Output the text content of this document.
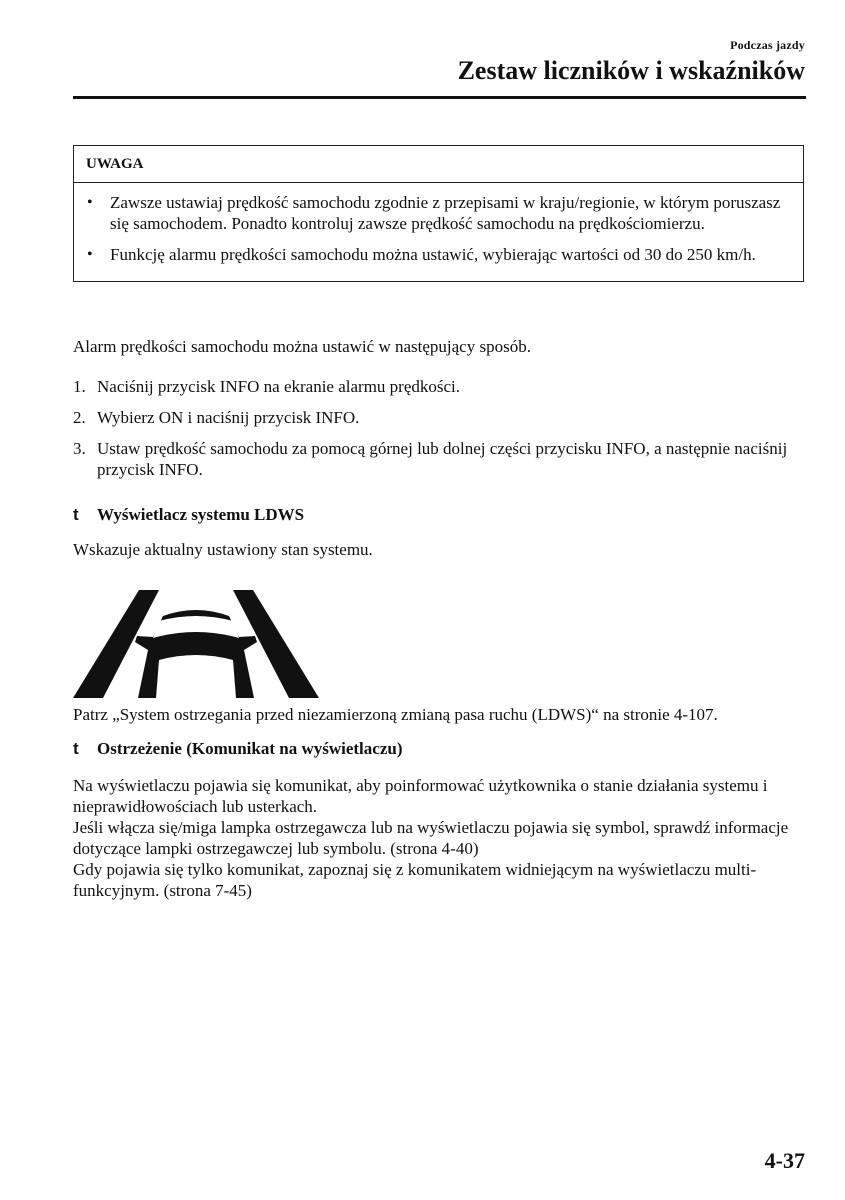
Podczas jazdy
Zestaw liczników i wskaźników
UWAGA
• Zawsze ustawiaj prędkość samochodu zgodnie z przepisami w kraju/regionie, w którym poruszasz się samochodem. Ponadto kontroluj zawsze prędkość samochodu na prędkościomierzu.
• Funkcję alarmu prędkości samochodu można ustawić, wybierając wartości od 30 do 250 km/h.

Alarm prędkości samochodu można ustawić w następujący sposób.

1. Naciśnij przycisk INFO na ekranie alarmu prędkości.
2. Wybierz ON i naciśnij przycisk INFO.
3. Ustaw prędkość samochodu za pomocą górnej lub dolnej części przycisku INFO, a następnie naciśnij przycisk INFO.
t Wyświetlacz systemu LDWS

Wskazuje aktualny ustawiony stan systemu.

Patrz „System ostrzegania przed niezamierzoną zmianą pasa ruchu (LDWS)“ na stronie 4-107.

t Ostrzeżenie (Komunikat na wyświetlaczu)
Na wyświetlaczu pojawia się komunikat, aby poinformować użytkownika o stanie działania systemu i nieprawidłowościach lub usterkach.
Jeśli włącza się/miga lampka ostrzegawcza lub na wyświetlaczu pojawia się symbol, sprawdź informacje dotyczące lampki ostrzegawczej lub symbolu. (strona 4-40)
Gdy pojawia się tylko komunikat, zapoznaj się z komunikatem widniejącym na wyświetlaczu multi-funkcyjnym. (strona 7-45)
4-37
